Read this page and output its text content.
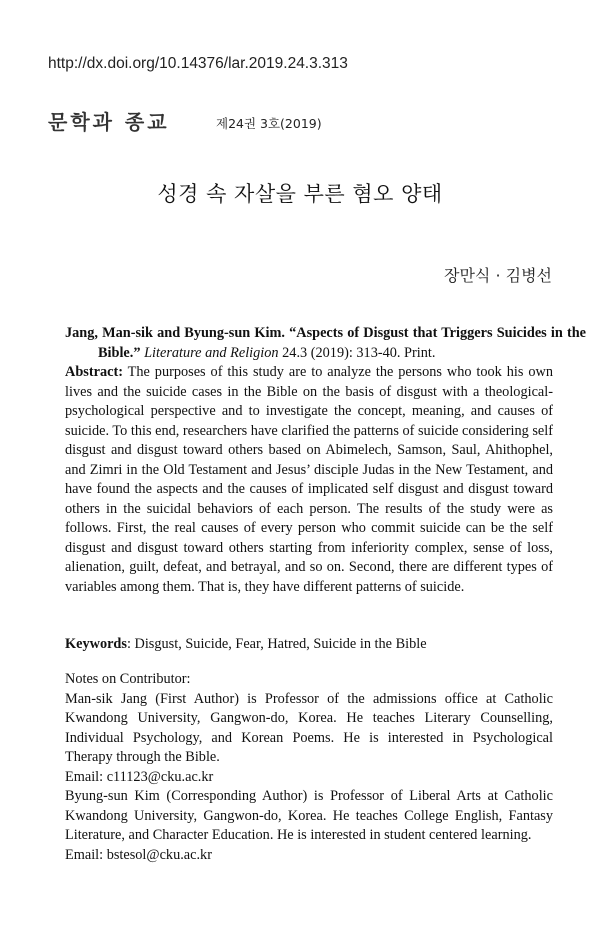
http://dx.doi.org/10.14376/lar.2019.24.3.313
문학과 종교	제24권 3호(2019)
성경 속 자살을 부른 혐오 양태
장만식 · 김병선
Jang, Man-sik and Byung-sun Kim. “Aspects of Disgust that Triggers Suicides in the Bible.” Literature and Religion 24.3 (2019): 313-40. Print.
Abstract: The purposes of this study are to analyze the persons who took his own lives and the suicide cases in the Bible on the basis of disgust with a theological-psychological perspective and to investigate the concept, meaning, and causes of suicide. To this end, researchers have clarified the patterns of suicide considering self disgust and disgust toward others based on Abimelech, Samson, Saul, Ahithophel, and Zimri in the Old Testament and Jesus’ disciple Judas in the New Testament, and have found the aspects and the causes of implicated self disgust and disgust toward others in the suicidal behaviors of each person. The results of the study were as follows. First, the real causes of every person who commit suicide can be the self disgust and disgust toward others starting from inferiority complex, sense of loss, alienation, guilt, defeat, and betrayal, and so on. Second, there are different types of variables among them. That is, they have different patterns of suicide.
Keywords: Disgust, Suicide, Fear, Hatred, Suicide in the Bible

Notes on Contributor:

Man-sik Jang (First Author) is Professor of the admissions office at Catholic Kwandong University, Gangwon-do, Korea. He teaches Literary Counselling, Individual Psychology, and Korean Poems. He is interested in Psychological Therapy through the Bible.

Email: c11123@cku.ac.kr

Byung-sun Kim (Corresponding Author) is Professor of Liberal Arts at Catholic Kwandong University, Gangwon-do, Korea. He teaches College English, Fantasy Literature, and Character Education. He is interested in student centered learning.

Email: bstesol@cku.ac.kr
